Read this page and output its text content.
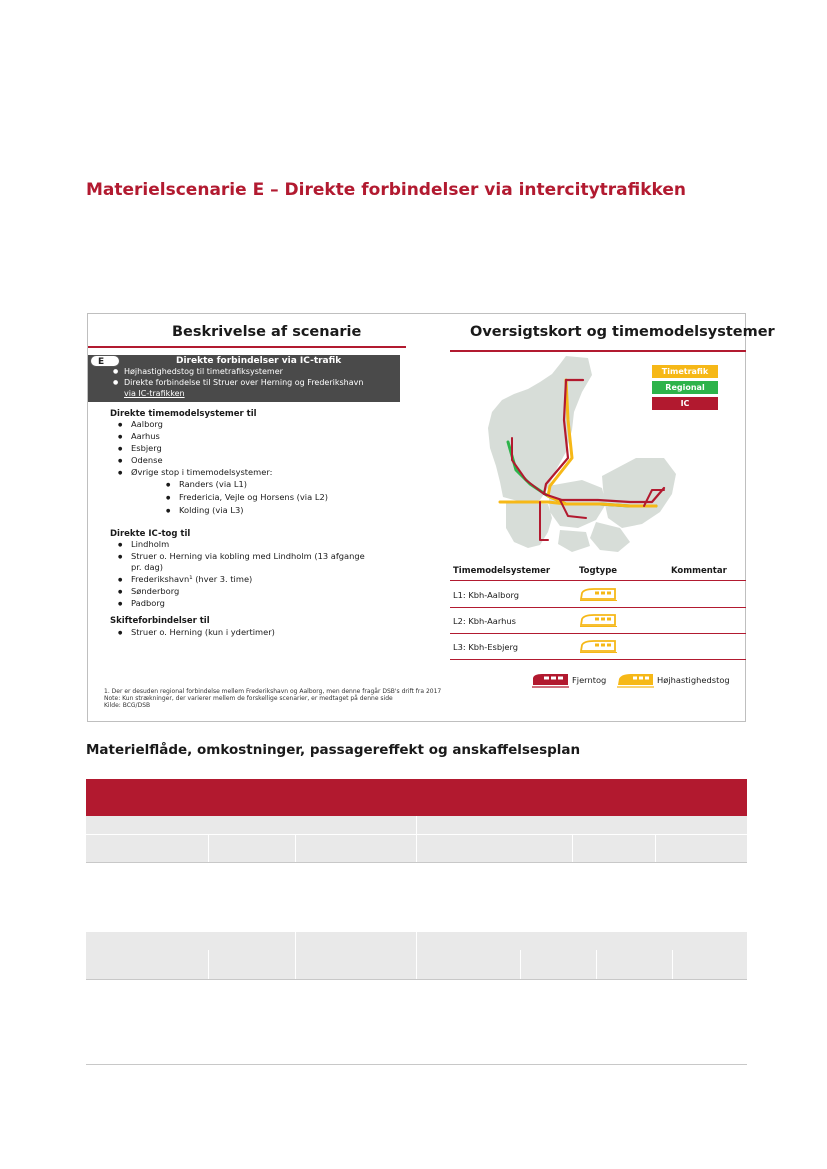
Materielscenarie E – Direkte forbindelser via intercitytrafikken
Beskrivelse af scenarie
E	Direkte forbindelser via IC-trafik
● Højhastighedstog til timetrafiksystemer
● Direkte forbindelse til Struer over Herning og Frederikshavn
via IC-trafikken
Direkte timemodelsystemer til
● Aalborg
● Aarhus
● Esbjerg
● Odense
● Øvrige stop i timemodelsystemer:
● Randers (via L1)
● Fredericia, Vejle og Horsens (via L2)
● Kolding (via L3)
Direkte IC-tog til
● Lindholm
● Struer o. Herning via kobling med Lindholm (13 afgange
pr. dag)
● Frederikshavn¹ (hver 3. time)
● Sønderborg
● Padborg
Skifteforbindelser til
● Struer o. Herning (kun i ydertimer)
1. Der er desuden regional forbindelse mellem Frederikshavn og Aalborg, men denne fragår DSB's drift fra 2017
Note: Kun strækninger, der varierer mellem de forskellige scenarier, er medtaget på denne side
Kilde: BCG/DSB
Oversigtskort og timemodelsystemer
Timetrafik
Regional
IC
Timemodelsystemer	Togtype	Kommentar
L1: Kbh-Aalborg
L2: Kbh-Aarhus
L3: Kbh-Esbjerg
Fjerntog	Højhastighedstog
Materielflåde, omkostninger, passagereffekt og anskaffelsesplan
